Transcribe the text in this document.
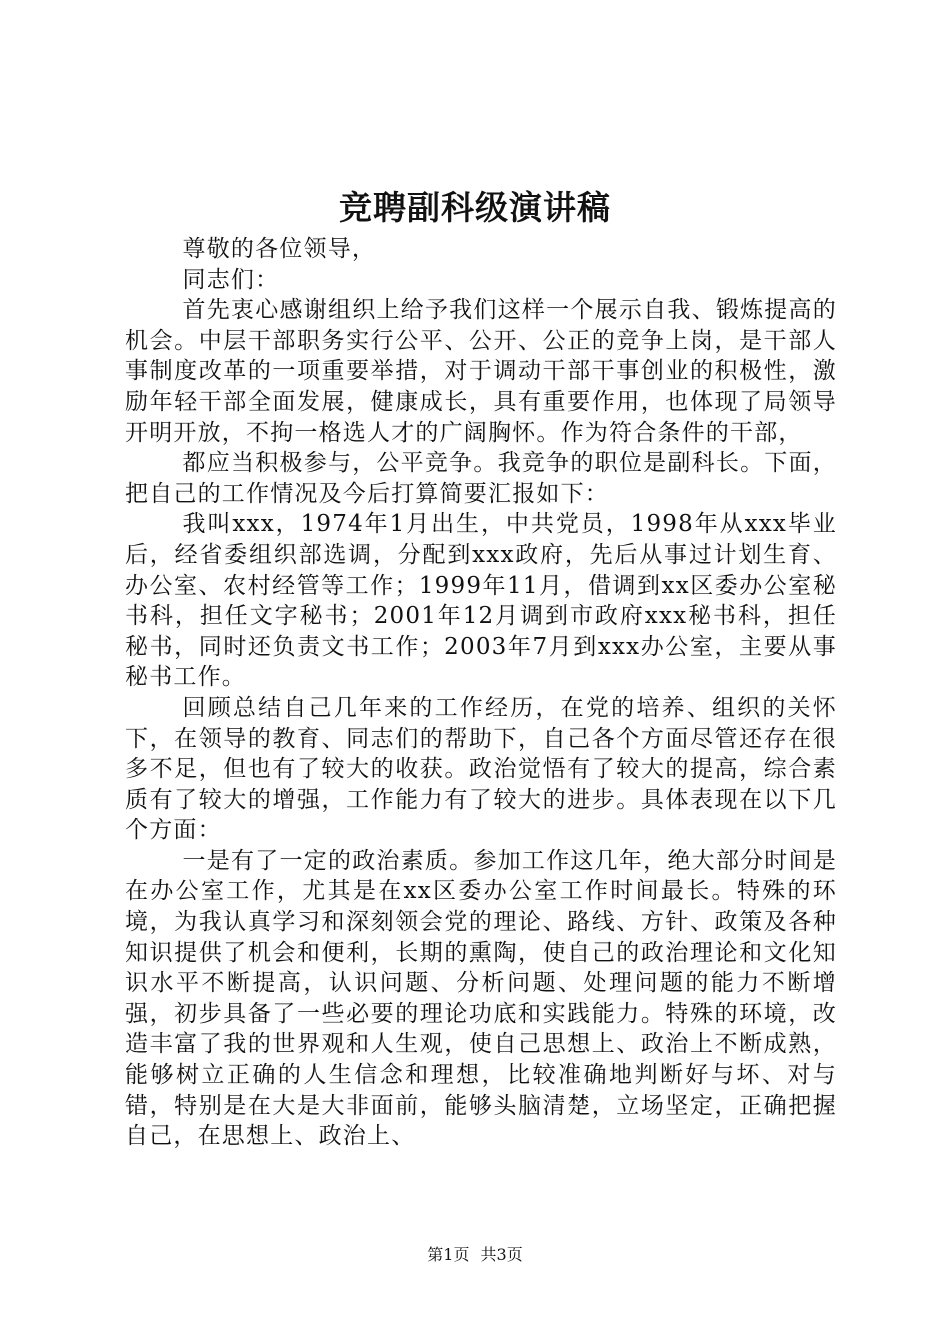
竞聘副科级演讲稿

尊敬的各位领导，

同志们：

首先衷心感谢组织上给予我们这样一个展示自我、锻炼提高的机会。中层干部职务实行公平、公开、公正的竞争上岗，是干部人事制度改革的一项重要举措，对于调动干部干事创业的积极性，激励年轻干部全面发展，健康成长，具有重要作用，也体现了局领导开明开放，不拘一格选人才的广阔胸怀。作为符合条件的干部，

都应当积极参与，公平竞争。我竞争的职位是副科长。下面，把自己的工作情况及今后打算简要汇报如下：

我叫xxx，1974年1月出生，中共党员，1998年从xxx毕业后，经省委组织部选调，分配到xxx政府，先后从事过计划生育、办公室、农村经管等工作；1999年11月，借调到xx区委办公室秘书科，担任文字秘书；2001年12月调到市政府xxx秘书科，担任秘书，同时还负责文书工作；2003年7月到xxx办公室，主要从事秘书工作。

回顾总结自己几年来的工作经历，在党的培养、组织的关怀下，在领导的教育、同志们的帮助下，自己各个方面尽管还存在很多不足，但也有了较大的收获。政治觉悟有了较大的提高，综合素质有了较大的增强，工作能力有了较大的进步。具体表现在以下几个方面：

一是有了一定的政治素质。参加工作这几年，绝大部分时间是在办公室工作，尤其是在xx区委办公室工作时间最长。特殊的环境，为我认真学习和深刻领会党的理论、路线、方针、政策及各种知识提供了机会和便利，长期的熏陶，使自己的政治理论和文化知识水平不断提高，认识问题、分析问题、处理问题的能力不断增强，初步具备了一些必要的理论功底和实践能力。特殊的环境，改造丰富了我的世界观和人生观，使自己思想上、政治上不断成熟，能够树立正确的人生信念和理想，比较准确地判断好与坏、对与错，特别是在大是大非面前，能够头脑清楚，立场坚定，正确把握自己，在思想上、政治上、

第1页 共3页
